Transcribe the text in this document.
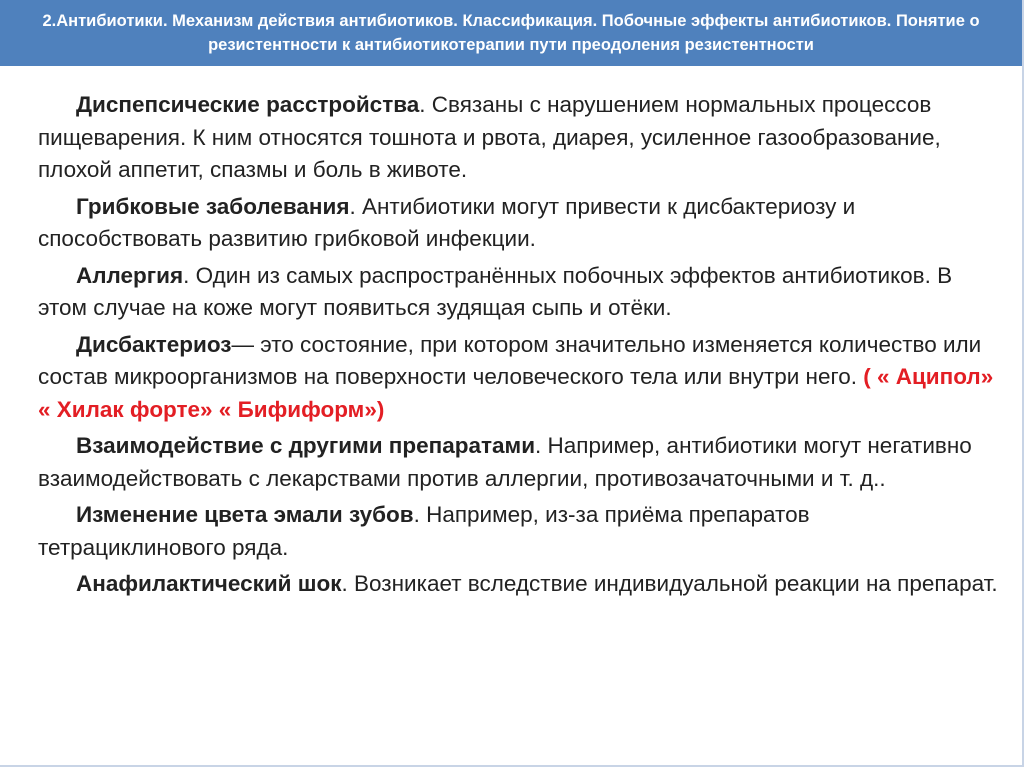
2.Антибиотики. Механизм действия антибиотиков. Классификация. Побочные эффекты антибиотиков. Понятие о резистентности к антибиотикотерапии пути преодоления резистентности

Диспепсические расстройства. Связаны с нарушением нормальных процессов пищеварения. К ним относятся тошнота и рвота, диарея, усиленное газообразование, плохой аппетит, спазмы и боль в животе.

Грибковые заболевания. Антибиотики могут привести к дисбактериозу и способствовать развитию грибковой инфекции.

Аллергия. Один из самых распространённых побочных эффектов антибиотиков. В этом случае на коже могут появиться зудящая сыпь и отёки.

Дисбактериоз— это состояние, при котором значительно изменяется количество или состав микроорганизмов на поверхности человеческого тела или внутри него. ( « Аципол» « Хилак форте» « Бифиформ»)

Взаимодействие с другими препаратами. Например, антибиотики могут негативно взаимодействовать с лекарствами против аллергии, противозачаточными и т. д..

Изменение цвета эмали зубов. Например, из-за приёма препаратов тетрациклинового ряда.

Анафилактический шок. Возникает вследствие индивидуальной реакции на препарат.
